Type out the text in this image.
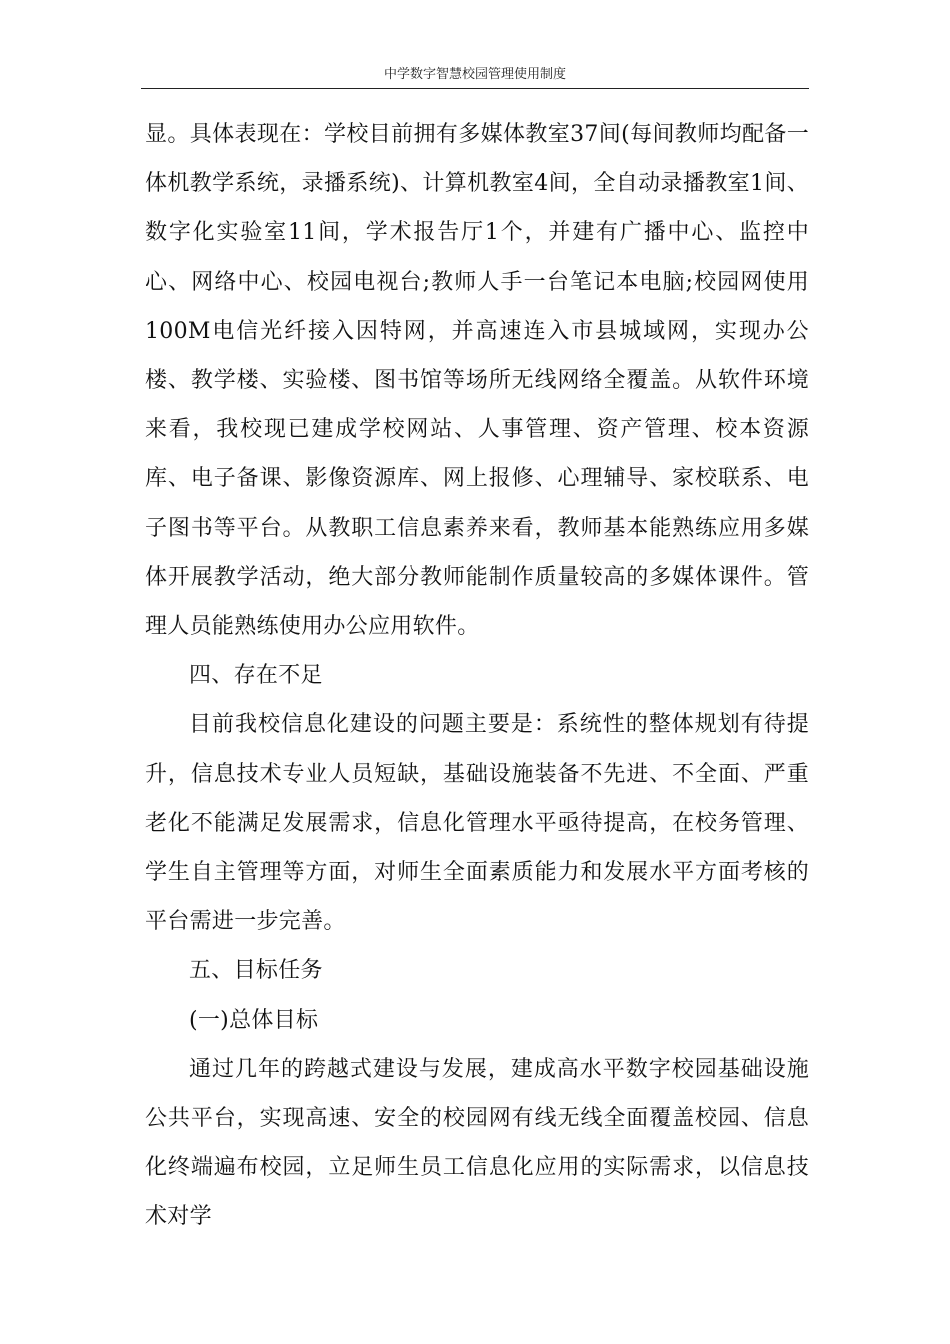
中学数字智慧校园管理使用制度

显。具体表现在：学校目前拥有多媒体教室37间(每间教师均配备一体机教学系统，录播系统)、计算机教室4间，全自动录播教室1间、数字化实验室11间，学术报告厅1个，并建有广播中心、监控中心、网络中心、校园电视台;教师人手一台笔记本电脑;校园网使用 100M电信光纤接入因特网，并高速连入市县城域网，实现办公楼、教学楼、实验楼、图书馆等场所无线网络全覆盖。从软件环境来看，我校现已建成学校网站、人事管理、资产管理、校本资源库、电子备课、影像资源库、网上报修、心理辅导、家校联系、电子图书等平台。从教职工信息素养来看，教师基本能熟练应用多媒体开展教学活动，绝大部分教师能制作质量较高的多媒体课件。管理人员能熟练使用办公应用软件。

四、存在不足

目前我校信息化建设的问题主要是：系统性的整体规划有待提升，信息技术专业人员短缺，基础设施装备不先进、不全面、严重老化不能满足发展需求，信息化管理水平亟待提高，在校务管理、学生自主管理等方面，对师生全面素质能力和发展水平方面考核的平台需进一步完善。

五、目标任务

(一)总体目标

通过几年的跨越式建设与发展，建成高水平数字校园基础设施公共平台，实现高速、安全的校园网有线无线全面覆盖校园、信息化终端遍布校园，立足师生员工信息化应用的实际需求，以信息技术对学
